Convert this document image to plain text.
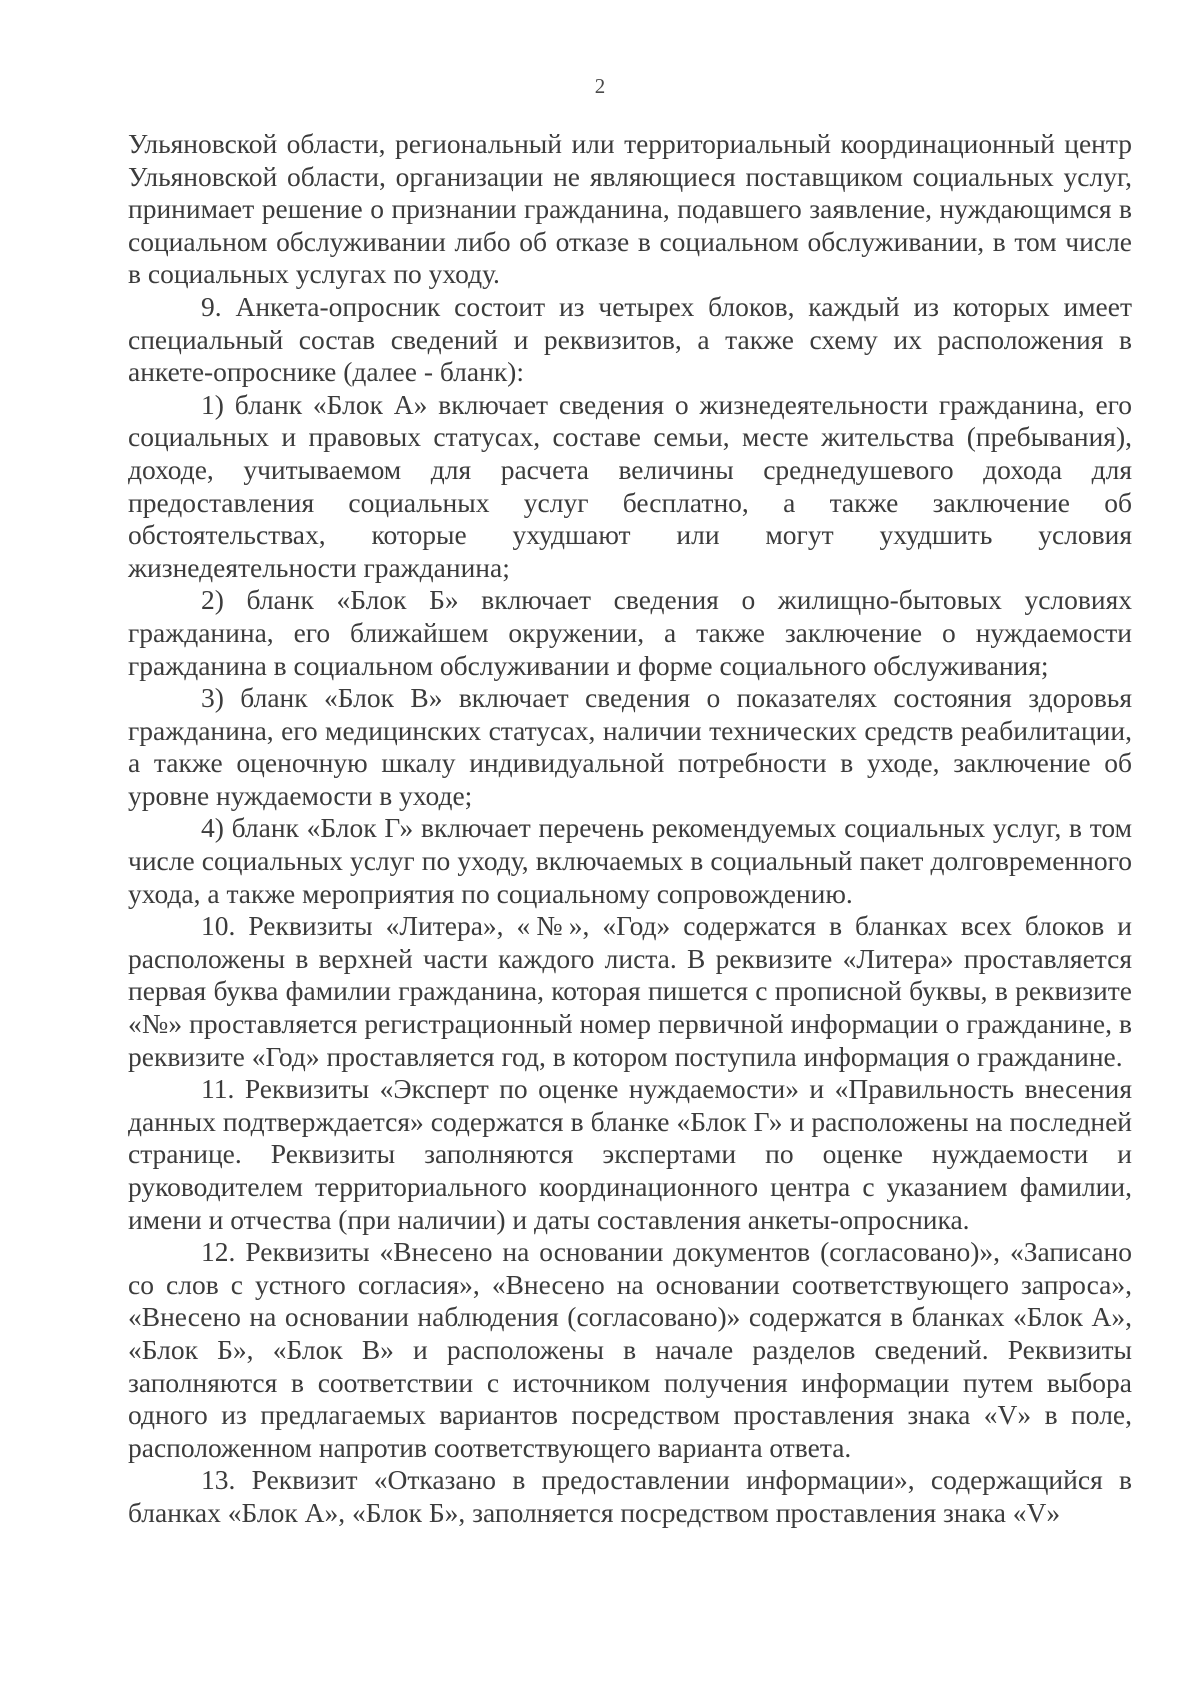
2

Ульяновской области, региональный или территориальный координационный центр Ульяновской области, организации не являющиеся поставщиком социальных услуг, принимает решение о признании гражданина, подавшего заявление, нуждающимся в социальном обслуживании либо об отказе в социальном обслуживании, в том числе в социальных услугах по уходу.

9. Анкета-опросник состоит из четырех блоков, каждый из которых имеет специальный состав сведений и реквизитов, а также схему их расположения в анкете-опроснике (далее - бланк):

1) бланк «Блок А» включает сведения о жизнедеятельности гражданина, его социальных и правовых статусах, составе семьи, месте жительства (пребывания), доходе, учитываемом для расчета величины среднедушевого дохода для предоставления социальных услуг бесплатно, а также заключение об обстоятельствах, которые ухудшают или могут ухудшить условия жизнедеятельности гражданина;

2) бланк «Блок Б» включает сведения о жилищно-бытовых условиях гражданина, его ближайшем окружении, а также заключение о нуждаемости гражданина в социальном обслуживании и форме социального обслуживания;

3) бланк «Блок В» включает сведения о показателях состояния здоровья гражданина, его медицинских статусах, наличии технических средств реабилитации, а также оценочную шкалу индивидуальной потребности в уходе, заключение об уровне нуждаемости в уходе;

4) бланк «Блок Г» включает перечень рекомендуемых социальных услуг, в том числе социальных услуг по уходу, включаемых в социальный пакет долговременного ухода, а также мероприятия по социальному сопровождению.

10. Реквизиты «Литера», «№», «Год» содержатся в бланках всех блоков и расположены в верхней части каждого листа. В реквизите «Литера» проставляется первая буква фамилии гражданина, которая пишется с прописной буквы, в реквизите «№» проставляется регистрационный номер первичной информации о гражданине, в реквизите «Год» проставляется год, в котором поступила информация о гражданине.

11. Реквизиты «Эксперт по оценке нуждаемости» и «Правильность внесения данных подтверждается» содержатся в бланке «Блок Г» и расположены на последней странице. Реквизиты заполняются экспертами по оценке нуждаемости и руководителем территориального координационного центра с указанием фамилии, имени и отчества (при наличии) и даты составления анкеты-опросника.

12. Реквизиты «Внесено на основании документов (согласовано)», «Записано со слов с устного согласия», «Внесено на основании соответствующего запроса», «Внесено на основании наблюдения (согласовано)» содержатся в бланках «Блок А», «Блок Б», «Блок В» и расположены в начале разделов сведений. Реквизиты заполняются в соответствии с источником получения информации путем выбора одного из предлагаемых вариантов посредством проставления знака «V» в поле, расположенном напротив соответствующего варианта ответа.

13. Реквизит «Отказано в предоставлении информации», содержащийся в бланках «Блок А», «Блок Б», заполняется посредством проставления знака «V»
